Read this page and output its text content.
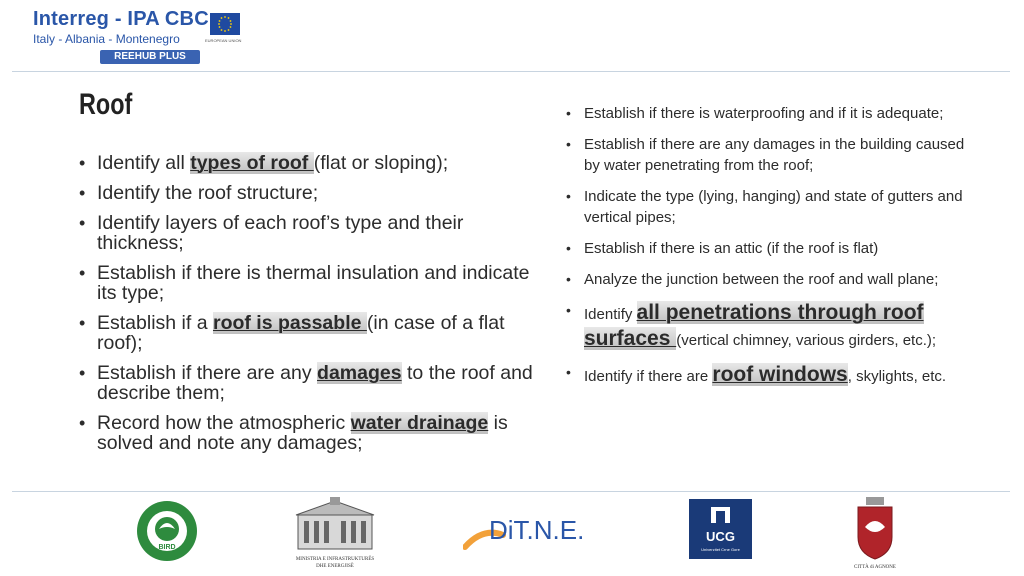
Interreg - IPA CBC
Italy - Albania - Montenegro	EUROPEAN UNION
REEHUB PLUS
Roof
• Identify all types of roof (flat or sloping);
• Identify the roof structure;
• Identify layers of each roof’s type and their thickness;
• Establish if there is thermal insulation and indicate its type;
• Establish if a roof is passable (in case of a flat roof);
• Establish if there are any damages to the roof and describe them;
• Record how the atmospheric water drainage is solved and note any damages;
• Establish if there is waterproofing and if it is adequate;
• Establish if there are any damages in the building caused by water penetrating from the roof;
• Indicate the type (lying, hanging) and state of gutters and vertical pipes;
• Establish if there is an attic (if the roof is flat)
• Analyze the junction between the roof and wall plane;
• Identify all penetrations through roof surfaces (vertical chimney, various girders, etc.);
• Identify if there are roof windows, skylights, etc.
BIRD
MINISTRIA E INFRASTRUKTURËS
DHE ENERGJISË
DiT.N.E.	UCG
Univerzitet Crne Gore
CITTÀ di AGNONE
